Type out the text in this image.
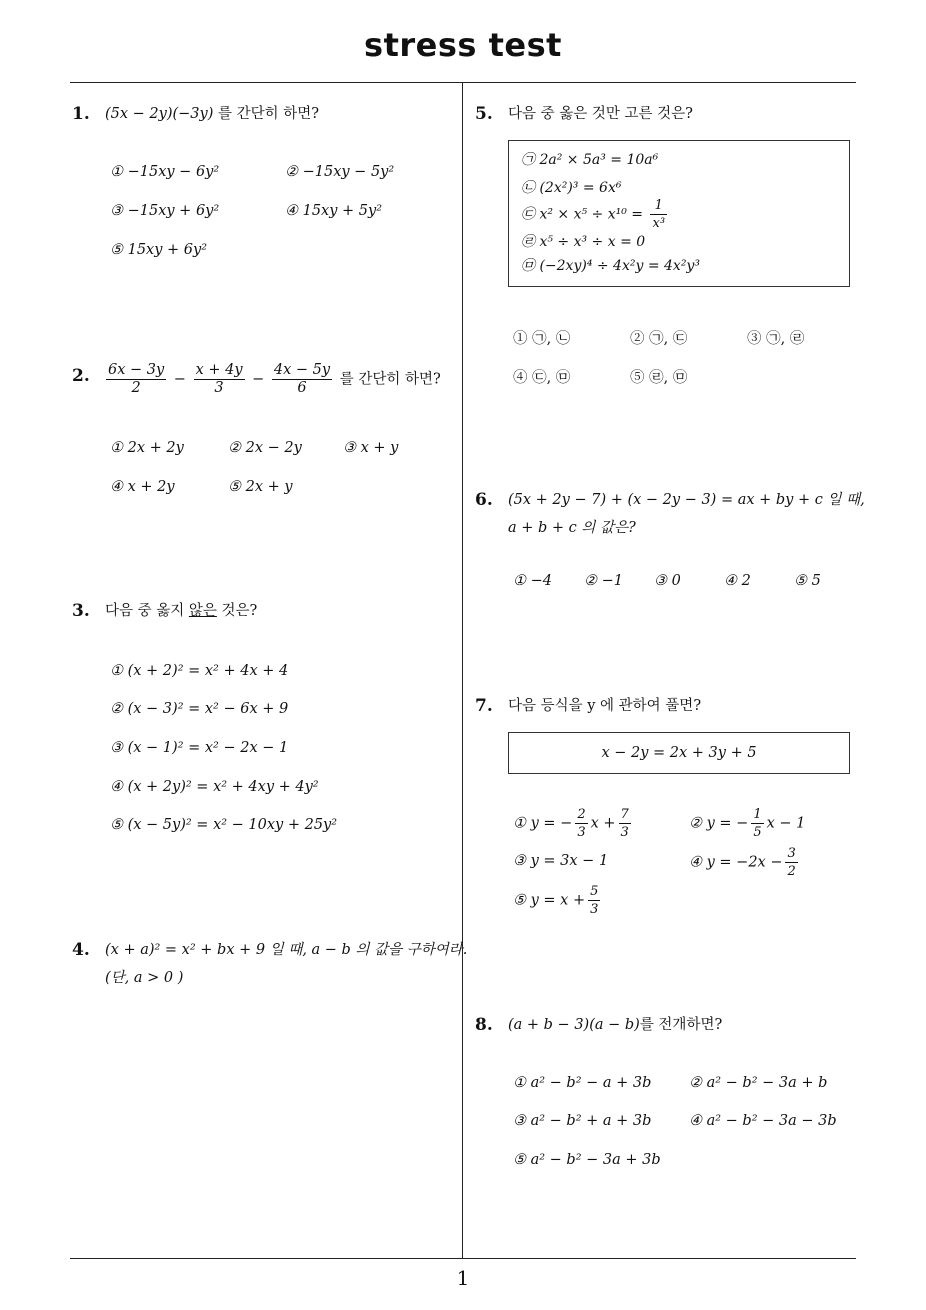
stress test
1
1. (5x − 2y)(−3y) 를 간단히 하면?
① −15xy − 6y²	② −15xy − 5y²
③ −15xy + 6y²	④ 15xy + 5y²
⑤ 15xy + 6y²
2. $\frac{6x - 3y}{2} - \frac{x + 4y}{3} - \frac{4x - 5y}{6}$ 를 간단히 하면?
① 2x + 2y	② 2x − 2y	③ x + y
④ x + 2y	⑤ 2x + y
3. 다음 중 옳지 않은 것은?
① (x + 2)² = x² + 4x + 4
② (x − 3)² = x² − 6x + 9
③ (x − 1)² = x² − 2x − 1
④ (x + 2y)² = x² + 4xy + 4y²
⑤ (x − 5y)² = x² − 10xy + 25y²
4. (x + a)² = x² + bx + 9 일 때, a − b 의 값을 구하여라.
(단, a > 0 )
5. 다음 중 옳은 것만 고른 것은?
㉠ 2a² × 5a³ = 10a⁶
㉡ (2x²)³ = 6x⁶
㉢ $x^2 \times x^5 \div x^{10} = \frac{1}{\text{x³}}$
㉣ x⁵ ÷ x³ ÷ x = 0
㉤ (−2xy)⁴ ÷ 4x²y = 4x²y³
① ㉠, ㉡	② ㉠, ㉢	③ ㉠, ㉣
④ ㉢, ㉤	⑤ ㉣, ㉤
6. (5x + 2y − 7) + (x − 2y − 3) = ax + by + c 일 때,
a + b + c 의 값은?
① −4 ② −1 ③ 0	④ 2	⑤ 5
7. 다음 등식을 y 에 관하여 풀면?
x − 2y = 2x + 3y + 5
① y = − $\frac{2}{3}$ $x + \frac{7}{3}$	② y = − $\frac{1}{5}$ x − 1
③ y = 3x − 1	④ $y = -2x - \frac{3}{2}$
⑤ $y = x + \frac{5}{3}$
8. (a + b − 3)(a − b)를 전개하면?
① a² − b² − a + 3b	② a² − b² − 3a + b
③ a² − b² + a + 3b	④ a² − b² − 3a − 3b
⑤ a² − b² − 3a + 3b
